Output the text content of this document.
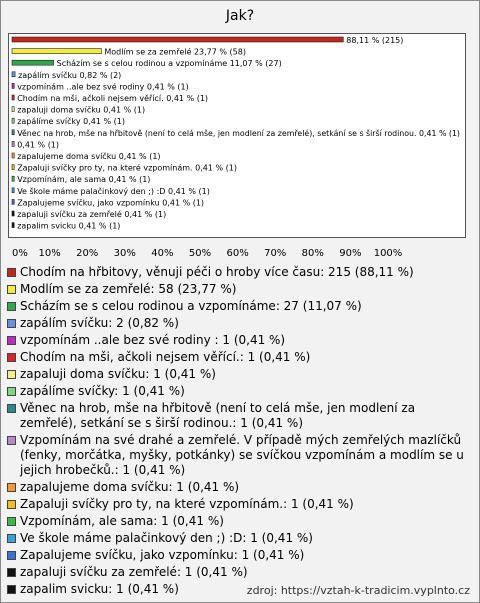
Jak?
88,11 % (215)
Modlím se za zemřelé 23,77 % (58)
Scházím se s celou rodinou a vzpomínáme 11,07 % (27)
zapálím svíčku 0,82 % (2)
vzpomínám ..ale bez své rodiny 0,41 % (1)
Chodím na mši, ačkoli nejsem věřící. 0,41 % (1)
zapaluji doma svíčku 0,41 % (1)
zapálíme svíčky 0,41 % (1)
Věnec na hrob, mše na hřbitově (není to celá mše, jen modlení za zemřelé), setkání se s širší rodinou. 0,41 % (1)
0,41 % (1)
zapalujeme doma svíčku 0,41 % (1)
Zapaluji svíčky pro ty, na které vzpomínám. 0,41 % (1)
Vzpomínám, ale sama 0,41 % (1)
Ve škole máme palačinkový den ;) :D 0,41 % (1)
Zapalujeme svíčku, jako vzpomínku 0,41 % (1)
zapaluji svíčku za zemřelé 0,41 % (1)
zapalim svicku 0,41 % (1)
0% 10% 20% 30% 40% 50% 60% 70% 80% 90% 100%
Chodím na hřbitovy, věnuji péči o hroby více času: 215 (88,11 %)
Modlím se za zemřelé: 58 (23,77 %)
Scházím se s celou rodinou a vzpomínáme: 27 (11,07 %)
zapálím svíčku: 2 (0,82 %)
vzpomínám ..ale bez své rodiny : 1 (0,41 %)
Chodím na mši, ačkoli nejsem věřící.: 1 (0,41 %)
zapaluji doma svíčku: 1 (0,41 %)
zapálíme svíčky: 1 (0,41 %)
Věnec na hrob, mše na hřbitově (není to celá mše, jen modlení za zemřelé), setkání se s širší rodinou.: 1 (0,41 %)
Vzpomínám na své drahé a zemřelé. V případě mých zemřelých mazlíčků (fenky, morčátka, myšky, potkánky) se svíčkou vzpomínám a modlím se u jejich hrobečků.: 1 (0,41 %)
zapalujeme doma svíčku: 1 (0,41 %)
Zapaluji svíčky pro ty, na které vzpomínám.: 1 (0,41 %)
Vzpomínám, ale sama: 1 (0,41 %)
Ve škole máme palačinkový den ;) :D: 1 (0,41 %)
Zapalujeme svíčku, jako vzpomínku: 1 (0,41 %)
zapaluji svíčku za zemřelé: 1 (0,41 %)
zapalim svicku: 1 (0,41 %)	zdroj: https://vztah-k-tradicim.vyplnto.cz
